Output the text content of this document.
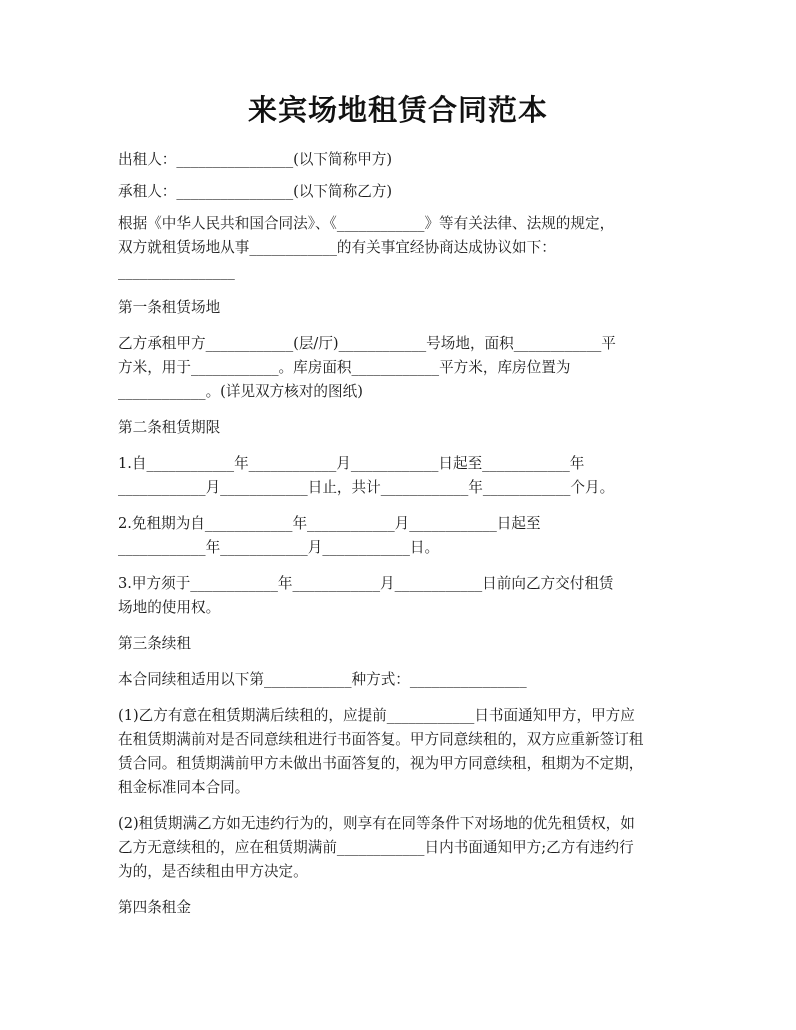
来宾场地租赁合同范本

出租人：________________(以下简称甲方)

承租人：________________(以下简称乙方)

根据《中华人民共和国合同法》、《____________》等有关法律、法规的规定，
双方就租赁场地从事____________的有关事宜经协商达成协议如下：
________________

第一条租赁场地

乙方承租甲方____________(层/厅)____________号场地，面积____________平
方米，用于____________。库房面积____________平方米，库房位置为
____________。(详见双方核对的图纸)

第二条租赁期限

1.自____________年____________月____________日起至____________年
____________月____________日止，共计____________年____________个月。

2.免租期为自____________年____________月____________日起至
____________年____________月____________日。

3.甲方须于____________年____________月____________日前向乙方交付租赁
场地的使用权。

第三条续租

本合同续租适用以下第____________种方式：________________

(1)乙方有意在租赁期满后续租的，应提前____________日书面通知甲方，甲方应
在租赁期满前对是否同意续租进行书面答复。甲方同意续租的，双方应重新签订租
赁合同。租赁期满前甲方未做出书面答复的，视为甲方同意续租，租期为不定期，
租金标准同本合同。

(2)租赁期满乙方如无违约行为的，则享有在同等条件下对场地的优先租赁权，如
乙方无意续租的，应在租赁期满前____________日内书面通知甲方;乙方有违约行
为的，是否续租由甲方决定。

第四条租金
